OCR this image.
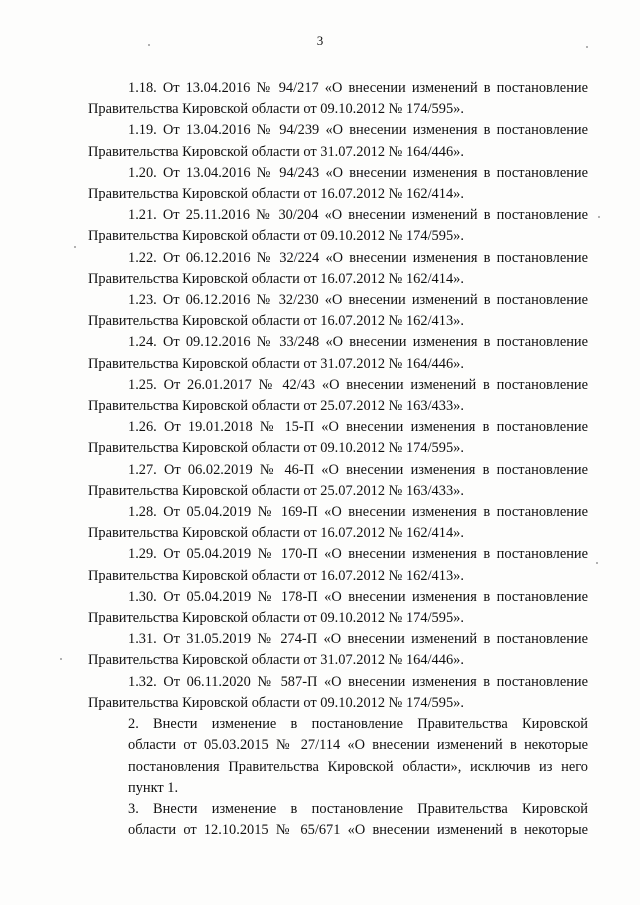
3
1.18. От 13.04.2016 № 94/217 «О внесении изменений в постановление
Правительства Кировской области от 09.10.2012 № 174/595».
1.19. От 13.04.2016 № 94/239 «О внесении изменения в постановление
Правительства Кировской области от 31.07.2012 № 164/446».
1.20. От 13.04.2016 № 94/243 «О внесении изменения в постановление
Правительства Кировской области от 16.07.2012 № 162/414».
1.21. От 25.11.2016 № 30/204 «О внесении изменений в постановление
Правительства Кировской области от 09.10.2012 № 174/595».
1.22. От 06.12.2016 № 32/224 «О внесении изменения в постановление
Правительства Кировской области от 16.07.2012 № 162/414».
1.23. От 06.12.2016 № 32/230 «О внесении изменений в постановление
Правительства Кировской области от 16.07.2012 № 162/413».
1.24. От 09.12.2016 № 33/248 «О внесении изменения в постановление
Правительства Кировской области от 31.07.2012 № 164/446».
1.25. От 26.01.2017 № 42/43 «О внесении изменений в постановление
Правительства Кировской области от 25.07.2012 № 163/433».
1.26. От 19.01.2018 № 15-П «О внесении изменения в постановление
Правительства Кировской области от 09.10.2012 № 174/595».
1.27. От 06.02.2019 № 46-П «О внесении изменения в постановление
Правительства Кировской области от 25.07.2012 № 163/433».
1.28. От 05.04.2019 № 169-П «О внесении изменения в постановление
Правительства Кировской области от 16.07.2012 № 162/414».
1.29. От 05.04.2019 № 170-П «О внесении изменения в постановление
Правительства Кировской области от 16.07.2012 № 162/413».
1.30. От 05.04.2019 № 178-П «О внесении изменения в постановление
Правительства Кировской области от 09.10.2012 № 174/595».
1.31. От 31.05.2019 № 274-П «О внесении изменений в постановление
Правительства Кировской области от 31.07.2012 № 164/446».
1.32. От 06.11.2020 № 587-П «О внесении изменения в постановление
Правительства Кировской области от 09.10.2012 № 174/595».
2. Внести изменение в постановление Правительства Кировской
области от 05.03.2015 № 27/114 «О внесении изменений в некоторые
постановления Правительства Кировской области», исключив из него
пункт 1.
3. Внести изменение в постановление Правительства Кировской
области от 12.10.2015 № 65/671 «О внесении изменений в некоторые
